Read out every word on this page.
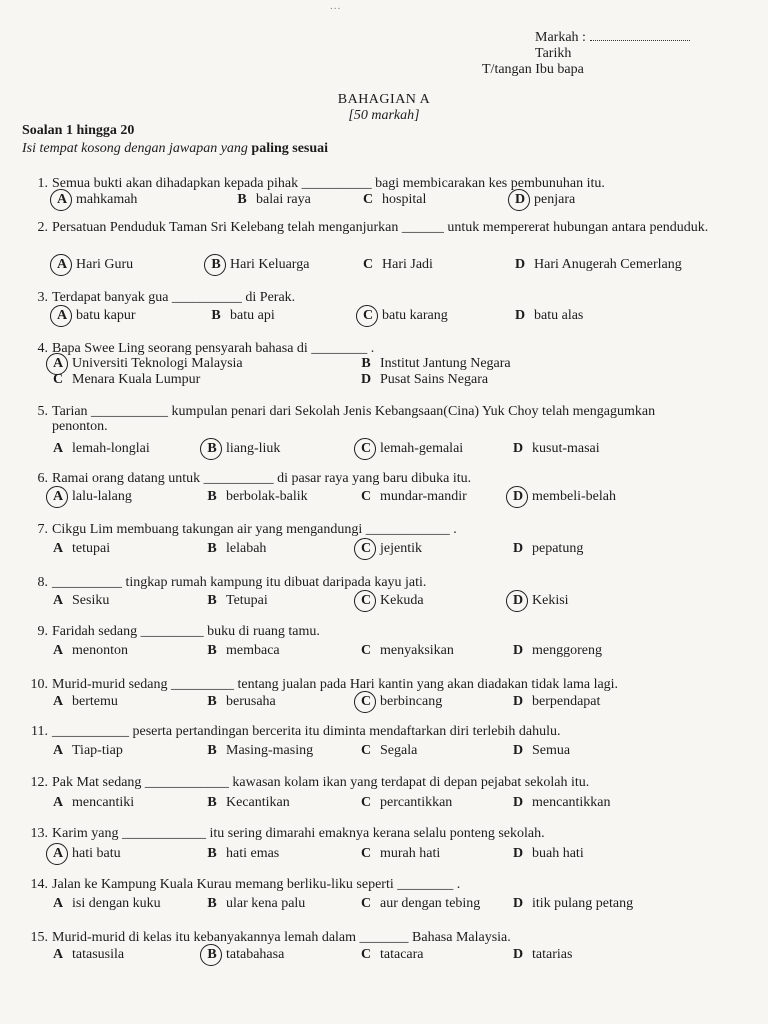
...
Markah :
Tarikh
T/tangan Ibu bapa
BAHAGIAN A
[50 markah]
Soalan 1 hingga 20
Isi tempat kosong dengan jawapan yang paling sesuai
1. Semua bukti akan dihadapkan kepada pihak __________ bagi membicarakan kes pembunuhan itu.
A mahkamah	B balai raya	C hospital	D penjara
2. Persatuan Penduduk Taman Sri Kelebang telah menganjurkan ______ untuk mempererat hubungan antara penduduk.
A Hari Guru	B Hari Keluarga	C Hari Jadi	D Hari Anugerah Cemerlang
3. Terdapat banyak gua __________ di Perak.
A batu kapur	B batu api	C batu karang	D batu alas
4. Bapa Swee Ling seorang pensyarah bahasa di ________ .
A Universiti Teknologi Malaysia	B Institut Jantung Negara
C Menara Kuala Lumpur	D Pusat Sains Negara
5. Tarian ___________ kumpulan penari dari Sekolah Jenis Kebangsaan(Cina) Yuk Choy telah mengagumkan penonton.
A lemah-longlai	B liang-liuk	C lemah-gemalai	D kusut-masai
6. Ramai orang datang untuk __________ di pasar raya yang baru dibuka itu.
A lalu-lalang	B berbolak-balik	C mundar-mandir	D membeli-belah
7. Cikgu Lim membuang takungan air yang mengandungi ____________ .
A tetupai	B lelabah	C jejentik	D pepatung
8. __________ tingkap rumah kampung itu dibuat daripada kayu jati.
A Sesiku	B Tetupai	C Kekuda	D Kekisi
9. Faridah sedang _________ buku di ruang tamu.
A menonton	B membaca	C menyaksikan	D menggoreng
10. Murid-murid sedang _________ tentang jualan pada Hari kantin yang akan diadakan tidak lama lagi.
A bertemu	B berusaha	C berbincang	D berpendapat
11. ___________ peserta pertandingan bercerita itu diminta mendaftarkan diri terlebih dahulu.
A Tiap-tiap	B Masing-masing	C Segala	D Semua
12. Pak Mat sedang ____________ kawasan kolam ikan yang terdapat di depan pejabat sekolah itu.
A mencantiki	B Kecantikan	C percantikkan	D mencantikkan
13. Karim yang ____________ itu sering dimarahi emaknya kerana selalu ponteng sekolah.
A hati batu	B hati emas	C murah hati	D buah hati
14. Jalan ke Kampung Kuala Kurau memang berliku-liku seperti ________ .
A isi dengan kuku	B ular kena palu	C aur dengan tebing	D itik pulang petang
15. Murid-murid di kelas itu kebanyakannya lemah dalam _______ Bahasa Malaysia.
A tatasusila	B tatabahasa	C tatacara	D tatarias
